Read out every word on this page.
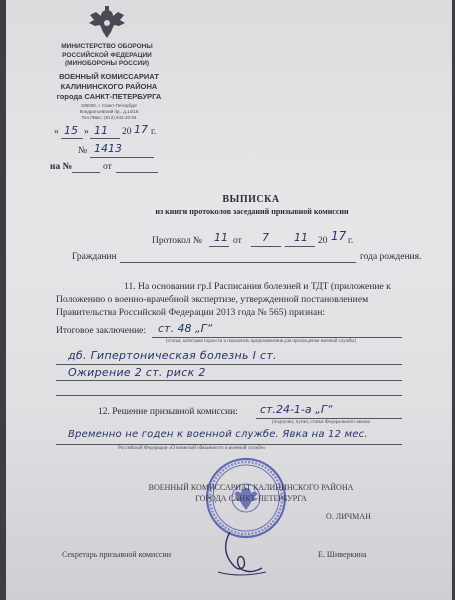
МИНИСТЕРСТВО ОБОРОНЫ
РОССИЙСКОЙ ФЕДЕРАЦИИ
(МИНОБОРОНЫ РОССИИ)
ВОЕННЫЙ КОМИССАРИАТ
КАЛИНИНСКОГО РАЙОНА
города САНКТ-ПЕТЕРБУРГА
195030, г. Санкт-Петербург
Кондратьевский пр., д.14/16
Тел./Факс: (812) 542-20-04
« 15 » 11 20 17 г.
№ 1413
на №	от
ВЫПИСКА
из книги протоколов заседаний призывной комиссии
Протокол № 11 от 7 11 20 17 г.
Гражданин	года рождения.
11. На основании гр.I Расписания болезней и ТДТ (приложение к
Положению о военно-врачебной экспертизе, утвержденной постановлением
Правительства Российской Федерации 2013 года № 565) признан:
Итоговое заключение: ст. 48 „Г“
(статья, категория годности и показатель предназначения для прохождения военной службы)
дб. Гипертоническая болезнь I ст.
Ожирение 2 ст. риск 2
12. Решение призывной комиссии: ст.24-1-а „Г“
(подпункт, пункт, статья Федерального закона
Временно не годен к военной службе. Явка на 12 мес.
Российской Федерации «О воинской обязанности и военной службе»
ВОЕННЫЙ КОМИССАРИАТ КАЛИНИНСКОГО РАЙОНА
ГОРОДА САНКТ-ПЕТЕРБУРГА
О. ЛИЧМАН
Секретарь призывной комиссии	Е. Шиверкина
